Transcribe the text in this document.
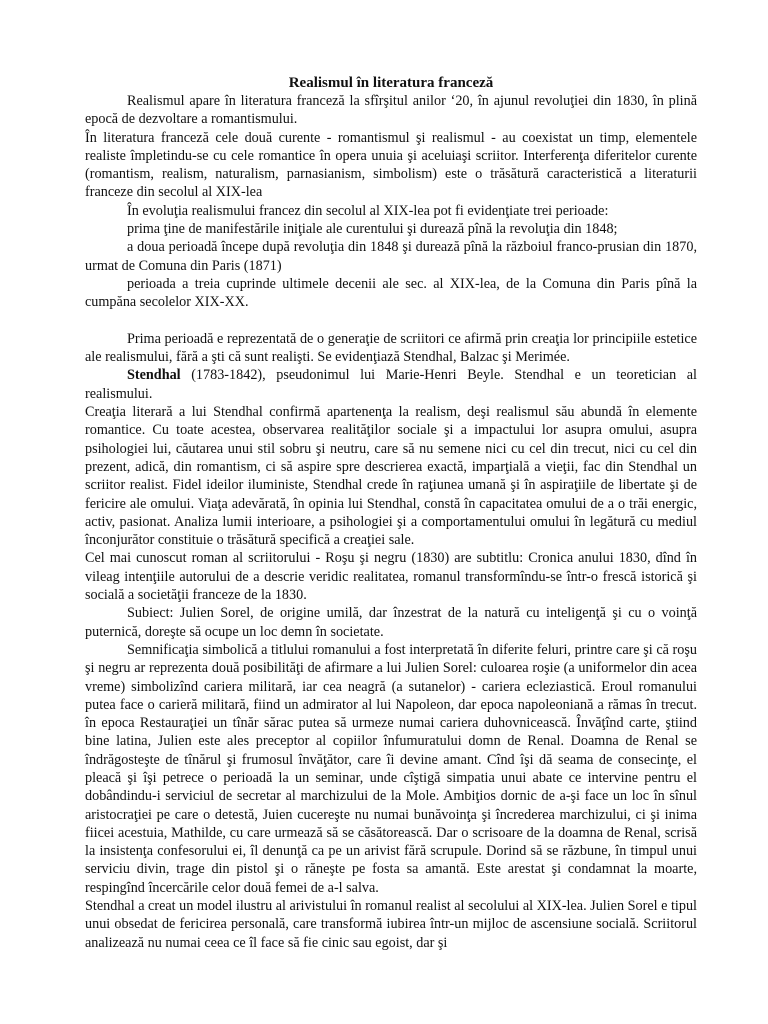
Realismul în literatura franceză

Realismul apare în literatura franceză la sfîrşitul anilor ‘20, în ajunul revoluţiei din 1830, în plină epocă de dezvoltare a romantismului.

În literatura franceză cele două curente - romantismul şi realismul - au coexistat un timp, elementele realiste împletindu-se cu cele romantice în opera unuia şi aceluiaşi scriitor. Interferenţa diferitelor curente (romantism, realism, naturalism, parnasianism, simbolism) este o trăsătură caracteristică a literaturii franceze din secolul al XIX-lea

În evoluţia realismului francez din secolul al XIX-lea pot fi evidenţiate trei perioade:

prima ţine de manifestările iniţiale ale curentului şi durează pînă la revoluţia din 1848;

a doua perioadă începe după revoluţia din 1848 şi durează pînă la războiul franco-prusian din 1870, urmat de Comuna din Paris (1871)

perioada a treia cuprinde ultimele decenii ale sec. al XIX-lea, de la Comuna din Paris pînă la cumpăna secolelor XIX-XX.

Prima perioadă e reprezentată de o generaţie de scriitori ce afirmă prin creaţia lor principiile estetice ale realismului, fără a şti că sunt realişti. Se evidenţiază Stendhal, Balzac şi Merimée.

Stendhal (1783-1842), pseudonimul lui Marie-Henri Beyle. Stendhal e un teoretician al realismului.

Creaţia literară a lui Stendhal confirmă apartenenţa la realism, deşi realismul său abundă în elemente romantice. Cu toate acestea, observarea realităţilor sociale şi a impactului lor asupra omului, asupra psihologiei lui, căutarea unui stil sobru şi neutru, care să nu semene nici cu cel din trecut, nici cu cel din prezent, adică, din romantism, ci să aspire spre descrierea exactă, imparţială a vieţii, fac din Stendhal un scriitor realist. Fidel ideilor iluministe, Stendhal crede în raţiunea umană şi în aspiraţiile de libertate şi de fericire ale omului. Viaţa adevărată, în opinia lui Stendhal, constă în capacitatea omului de a o trăi energic, activ, pasionat. Analiza lumii interioare, a psihologiei şi a comportamentului omului în legătură cu mediul înconjurător constituie o trăsătură specifică a creaţiei sale.

Cel mai cunoscut roman al scriitorului - Roşu şi negru (1830) are subtitlu: Cronica anului 1830, dînd în vileag intenţiile autorului de a descrie veridic realitatea, romanul transformîndu-se într-o frescă istorică şi socială a societăţii franceze de la 1830.

Subiect: Julien Sorel, de origine umilă, dar înzestrat de la natură cu inteligenţă şi cu o voinţă puternică, doreşte să ocupe un loc demn în societate.

Semnificaţia simbolică a titlului romanului a fost interpretată în diferite feluri, printre care şi că roşu şi negru ar reprezenta două posibilităţi de afirmare a lui Julien Sorel: culoarea roşie (a uniformelor din acea vreme) simbolizînd cariera militară, iar cea neagră (a sutanelor) - cariera ecleziastică. Eroul romanului putea face o carieră militară, fiind un admirator al lui Napoleon, dar epoca napoleoniană a rămas în trecut. în epoca Restauraţiei un tînăr sărac putea să urmeze numai cariera duhovnicească. Învăţînd carte, ştiind bine latina, Julien este ales preceptor al copiilor înfumuratului domn de Renal. Doamna de Renal se îndrăgosteşte de tînărul şi frumosul învăţător, care îi devine amant. Cînd îşi dă seama de consecinţe, el pleacă şi îşi petrece o perioadă la un seminar, unde cîştigă simpatia unui abate ce intervine pentru el dobândindu-i serviciul de secretar al marchizului de la Mole. Ambiţios dornic de a-şi face un loc în sînul aristocraţiei pe care o detestă, Juien cucereşte nu numai bunăvoinţa şi încrederea marchizului, ci şi inima fiicei acestuia, Mathilde, cu care urmează să se căsătorească. Dar o scrisoare de la doamna de Renal, scrisă la insistenţa confesorului ei, îl denunţă ca pe un arivist fără scrupule. Dorind să se răzbune, în timpul unui serviciu divin, trage din pistol şi o răneşte pe fosta sa amantă. Este arestat şi condamnat la moarte, respingînd încercările celor două femei de a-l salva.

Stendhal a creat un model ilustru al arivistului în romanul realist al secolului al XIX-lea. Julien Sorel e tipul unui obsedat de fericirea personală, care transformă iubirea într-un mijloc de ascensiune socială. Scriitorul analizează nu numai ceea ce îl face să fie cinic sau egoist, dar şi
